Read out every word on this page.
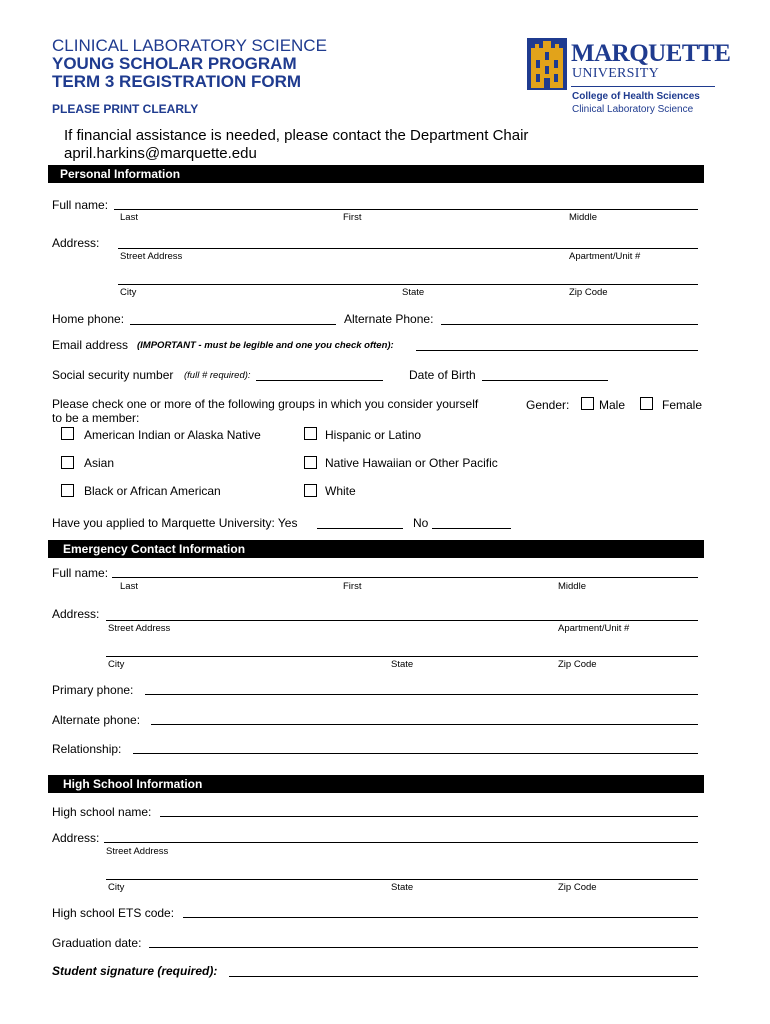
CLINICAL LABORATORY SCIENCE
YOUNG SCHOLAR PROGRAM
TERM 3 REGISTRATION FORM
PLEASE PRINT CLEARLY
MARQUETTE
UNIVERSITY
College of Health Sciences
Clinical Laboratory Science
If financial assistance is needed, please contact the Department Chair
april.harkins@marquette.edu
Personal Information
Full name:
Last	First	Middle
Address:
Street Address	Apartment/Unit #
City	State	Zip Code
Home phone:	Alternate Phone:
Email address (IMPORTANT - must be legible and one you check often):
Social security number (full # required):	Date of Birth
Please check one or more of the following groups in which you consider yourself
to be a member:
Gender: Male	Female
American Indian or Alaska Native	Hispanic or Latino
Asian	Native Hawaiian or Other Pacific
Black or African American	White
Have you applied to Marquette University: Yes	No
Emergency Contact Information
Full name:
Last	First	Middle
Address:
Street Address	Apartment/Unit #
City	State	Zip Code
Primary phone:
Alternate phone:
Relationship:
High School Information
High school name:
Address:
Street Address
City	State	Zip Code
High school ETS code:
Graduation date:
Student signature (required):
